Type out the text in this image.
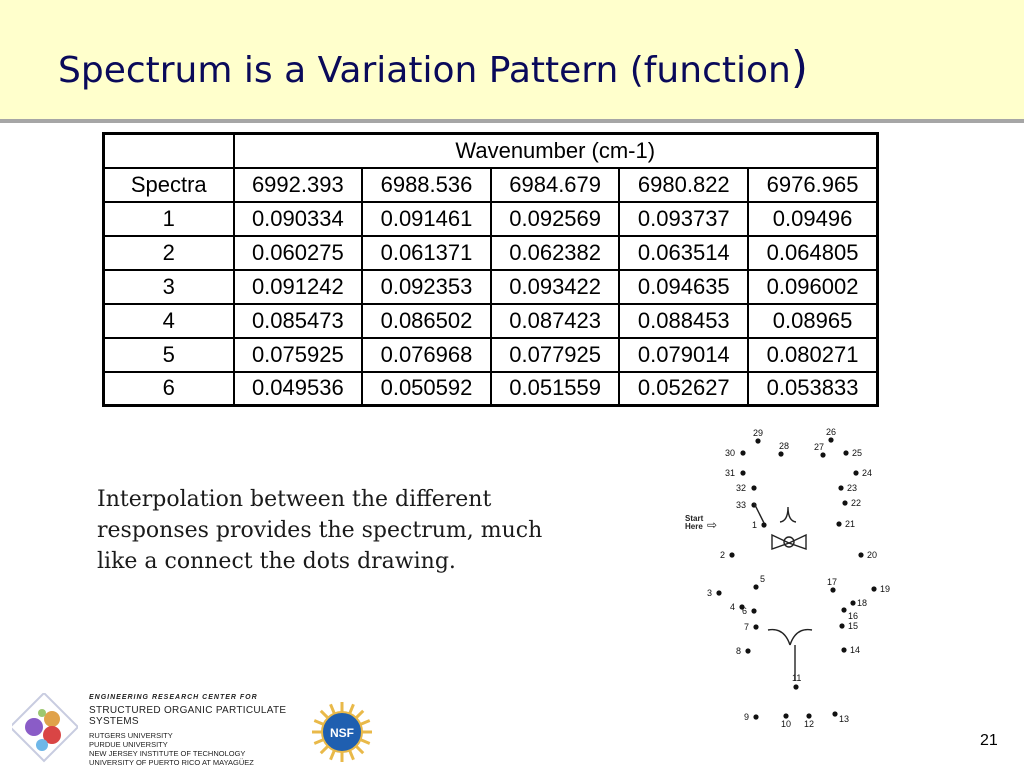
Spectrum is a Variation Pattern (function)
	Wavenumber (cm-1)				
Spectra	6992.393	6988.536	6984.679	6980.822	6976.965
1	0.090334	0.091461	0.092569	0.093737	0.09496
2	0.060275	0.061371	0.062382	0.063514	0.064805
3	0.091242	0.092353	0.093422	0.094635	0.096002
4	0.085473	0.086502	0.087423	0.088453	0.08965
5	0.075925	0.076968	0.077925	0.079014	0.080271
6	0.049536	0.050592	0.051559	0.052627	0.053833
Interpolation between the different
responses provides the spectrum, much
like a connect the dots drawing.
1
2
3
4
5
6
7
8
9
10
11
12	13
14
15
16
17
18
19
20
21
22
23
24
25
26
27
28
29
30
31
32
33
Start
Here ⇨
ENGINEERING RESEARCH CENTER FOR
STRUCTURED ORGANIC PARTICULATE SYSTEMS
RUTGERS UNIVERSITY
PURDUE UNIVERSITY
NEW JERSEY INSTITUTE OF TECHNOLOGY
UNIVERSITY OF PUERTO RICO AT MAYAGÜEZ
NSF	21
